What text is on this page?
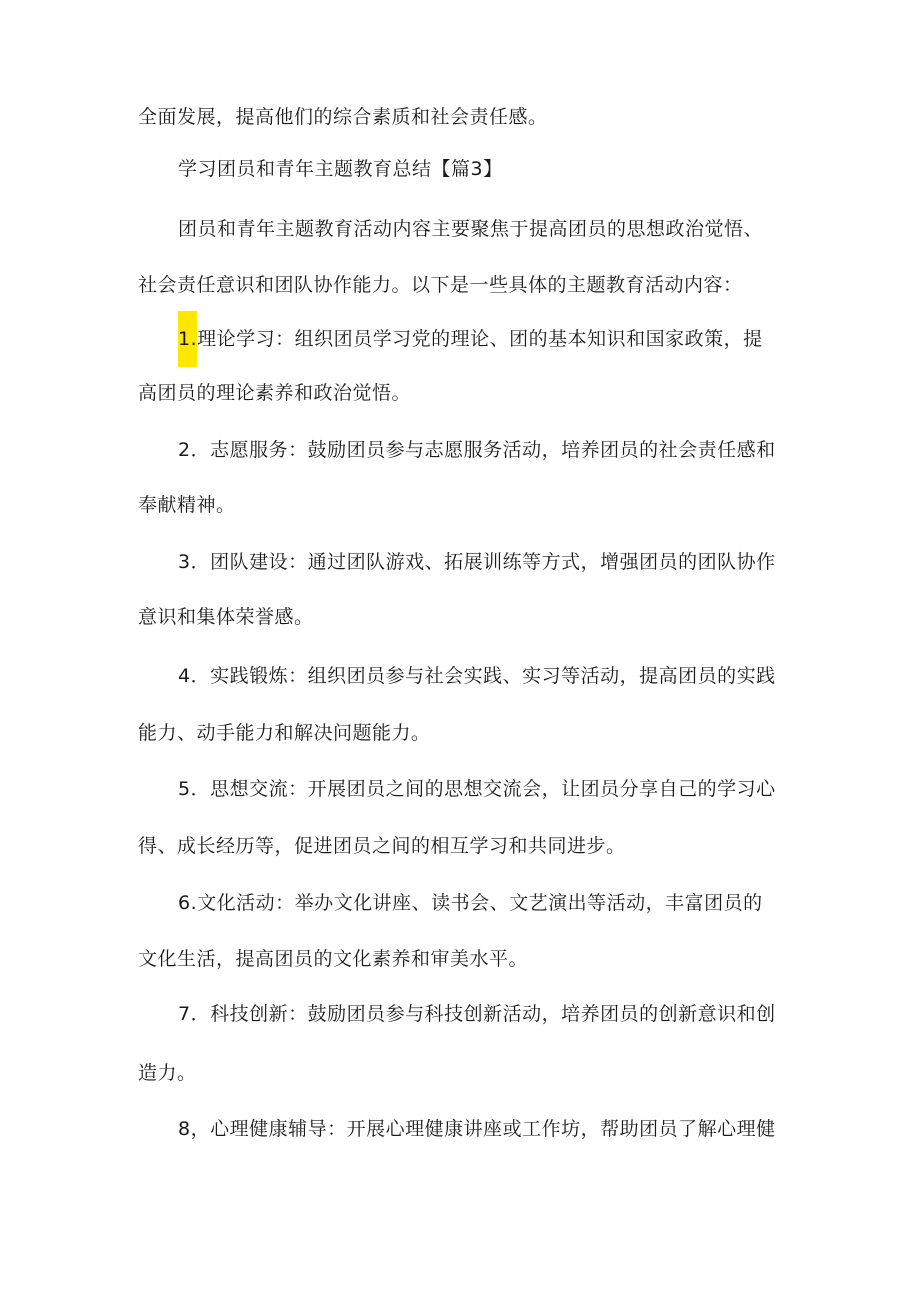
全面发展，提高他们的综合素质和社会责任感。
学习团员和青年主题教育总结【篇3】
团员和青年主题教育活动内容主要聚焦于提高团员的思想政治觉悟、
社会责任意识和团队协作能力。以下是一些具体的主题教育活动内容：
1.理论学习：组织团员学习党的理论、团的基本知识和国家政策，提
高团员的理论素养和政治觉悟。
2．志愿服务：鼓励团员参与志愿服务活动，培养团员的社会责任感和
奉献精神。
3．团队建设：通过团队游戏、拓展训练等方式，增强团员的团队协作
意识和集体荣誉感。
4．实践锻炼：组织团员参与社会实践、实习等活动，提高团员的实践
能力、动手能力和解决问题能力。
5．思想交流：开展团员之间的思想交流会，让团员分享自己的学习心
得、成长经历等，促进团员之间的相互学习和共同进步。
6.文化活动：举办文化讲座、读书会、文艺演出等活动，丰富团员的
文化生活，提高团员的文化素养和审美水平。
7．科技创新：鼓励团员参与科技创新活动，培养团员的创新意识和创
造力。
8，心理健康辅导：开展心理健康讲座或工作坊，帮助团员了解心理健
